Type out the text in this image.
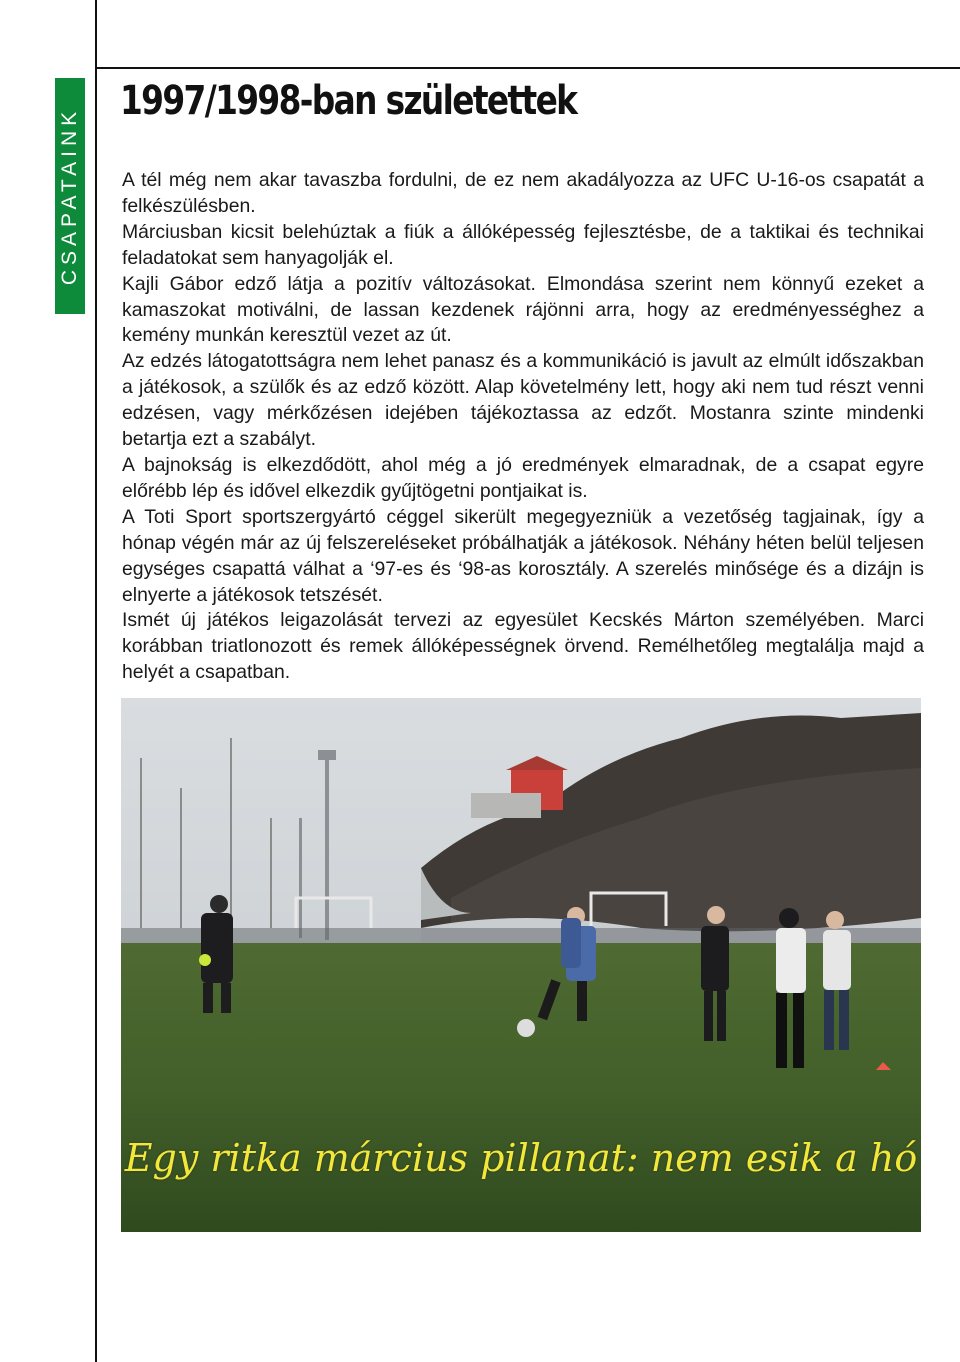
CSAPATAINK
1997/1998-ban születettek

A tél még nem akar tavaszba fordulni, de ez nem akadályozza az UFC U-16-os csapatát a felkészülésben.

Márciusban kicsit belehúztak a fiúk a állóképesség fejlesztésbe, de a taktikai és technikai feladatokat sem hanyagolják el.

Kajli Gábor edző látja a pozitív változásokat. Elmondása szerint nem könnyű ezeket a kamaszokat motiválni, de lassan kezdenek rájönni arra, hogy az eredményességhez a kemény munkán keresztül vezet az út.

Az edzés látogatottságra nem lehet panasz és a kommunikáció is javult az elmúlt időszakban a játékosok, a szülők és az edző között. Alap követelmény lett, hogy aki nem tud részt venni edzésen, vagy mérkőzésen idejében tájékoztassa az edzőt. Mostanra szinte mindenki betartja ezt a szabályt.

A bajnokság is elkezdődött, ahol még a jó eredmények elmaradnak, de a csapat egyre előrébb lép és idővel elkezdik gyűjtögetni pontjaikat is.

A Toti Sport sportszergyártó céggel sikerült megegyezniük a vezetőség tagjainak, így a hónap végén már az új felszereléseket próbálhatják a játékosok. Néhány héten belül teljesen egységes csapattá válhat a ‘97-es és ‘98-as korosztály. A szerelés minősége és a dizájn is elnyerte a játékosok tetszését.

Ismét új játékos leigazolását tervezi az egyesület Kecskés Márton személyében. Marci korábban triatlonozott és remek állóképességnek örvend. Remélhetőleg megtalálja majd a helyét a csapatban.

Egy ritka március pillanat: nem esik a hó
